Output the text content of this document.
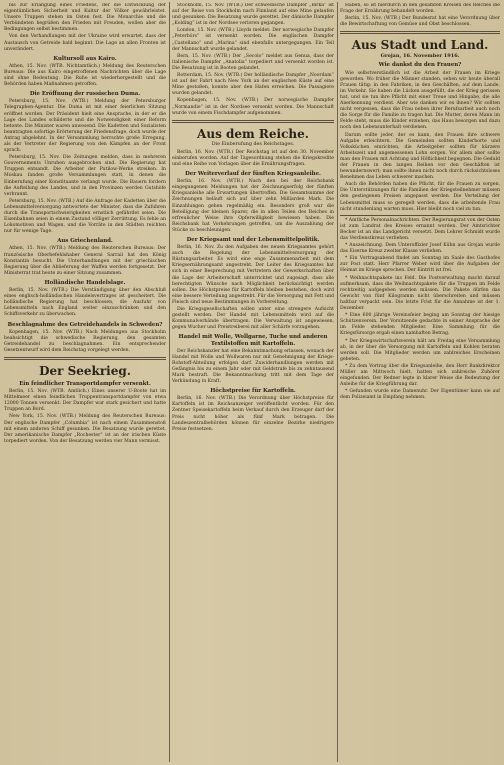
bis zur Erlangung eines Friedens, der die Entwicklung der eigentümlichen Sicherheit und Kultur der Völker gewährleistet. Unsere Truppen stehen im Osten fest. Die Monarchie und die Verbündeten begrüßen den Frieden mit Freuden, wollen aber die Bedingungen selbst bestimmen.

Von den Verhandlungen mit der Ukraine wird erwartet, dass der Austausch von Getreide bald beginnt. Die Lage an allen Fronten ist unverändert.

Kultursoll aus Kairo.

Athen, 15. Nov. (WTB. Nichtamtlich.) Meldung des Reuterschen Bureaus: Die aus Kairo eingetroffenen Nachrichten über die Lage sind ohne Bedeutung. Die Ruhe ist wiederhergestellt und die Behörden haben Maßnahmen getroffen.

Die Eröffnung der russischen Duma.

Petersburg, 15. Nov. (WTB.) Meldung der Petersburger Telegraphen-Agentur. Die Duma ist mit einer feierlichen Sitzung eröffnet worden. Der Präsident hielt eine Ansprache, in der er die Lage des Landes schilderte und die Notwendigkeit einer Reform betonte. Die Minister waren anwesend. Die Kadetten und Sozialisten beantragten sofortige Erörterung der Friedensfrage, doch wurde der Antrag abgelehnt. In der Versammlung herrschte große Erregung, als der Vertreter der Regierung von den Kämpfen an der Front sprach.

Petersburg, 15. Nov. Die Zeitungen melden, dass in mehreren Gouvernements Unruhen ausgebrochen sind. Die Regierung hat Truppen entsandt. Die Arbeiter der Putilow-Werke streiken. In Moskau fanden große Versammlungen statt, in denen die Einberufung einer Konstituante verlangt wurde. Die Bauern fordern die Aufteilung des Landes, und in den Provinzen werden Gutshöfe verbrannt.

Petersburg, 15. Nov. (WTB.) Auf die Anfrage der Kadetten über die Lebensmittelversorgung antwortete der Minister, dass die Zufuhren durch die Transportschwierigkeiten ernstlich gefährdet seien. Die Eisenbahnen seien in einem Zustand völliger Zerrüttung. Es fehle an Lokomotiven und Wagen, und die Vorräte in den Städten reichten nur für wenige Tage.

Aus Griechenland.

Athen, 15. Nov. (WTB.) Meldung des Reuterschen Bureaus: Der französische Oberbefehlshaber General Sarrail hat den König Konstantin besucht. Die Unterhandlungen mit der griechischen Regierung über die Ablieferung der Waffen werden fortgesetzt. Der Ministerrat trat heute zu einer Sitzung zusammen.

Holländische Handelslage.

Berlin, 15. Nov. (WTB.) Die Verständigung über den Abschluß eines englisch-holländischen Handelsvertrages ist gescheitert. Die holländische Regierung hat beschlossen, die Ausfuhr von Lebensmitteln nach England weiter einzuschränken und den Schiffsverkehr zu überwachen.

Beschlagnahme des Getreidehandels in Schweden?

Kopenhagen, 15. Nov. (WTB.) Nach Meldungen aus Stockholm beabsichtigt die schwedische Regierung, den gesamten Getreidehandel zu beschlagnahmen. Ein entsprechender Gesetzentwurf wird dem Reichstag vorgelegt werden.

Der Seekrieg.
Ein feindlicher Transportdampfer versenkt.

Berlin, 15. Nov. (WTB. Amtlich.) Eines unserer U-Boote hat im Mittelmeer einen feindlichen Truppentransportdampfer von etwa 12000 Tonnen versenkt. Der Dampfer war stark gesichert und hatte Truppen an Bord.

New York, 15. Nov. (WTB.) Meldung des Reuterschen Bureaus: Der englische Dampfer „Columbia“ ist nach einem Zusammenstoß mit einem anderen Schiff gesunken. Die Besatzung wurde gerettet. Der amerikanische Dampfer „Rochester“ ist an der irischen Küste torpediert worden. Von der Besatzung werden vier Mann vermisst.

Stockholm, 15. Nov. (WTB.) Der schwedische Dampfer „Birka“ ist auf der Reise von Stockholm nach Finnland auf eine Mine gelaufen und gesunken. Die Besatzung wurde gerettet. Der dänische Dampfer „Kolding“ ist in der Nordsee verloren gegangen.

London, 15. Nov. (WTB.) Lloyds meldet: Der norwegische Dampfer „Peterbörs“ ist versenkt worden. Die englischen Dampfer „Castellano“ und „Marina“ sind ebenfalls untergegangen. Ein Teil der Mannschaft wurde gelandet.

Bern, 15. Nov. (WTB.) Der „Secolo“ meldet aus Genua, dass der italienische Dampfer „Anatolia“ torpediert und versenkt worden ist. Die Besatzung ist in Booten gelandet.

Rotterdam, 15. Nov. (WTB.) Der holländische Dampfer „Noordam“ ist auf der Fahrt nach New York an der englischen Küste auf eine Mine gestoßen, konnte aber den Hafen erreichen. Die Passagiere wurden gelandet.

Kopenhagen, 15. Nov. (WTB.) Der norwegische Dampfer „Normandie“ ist in der Nordsee versenkt worden. Die Mannschaft wurde von einem Fischdampfer aufgenommen.

Aus dem Reiche.
Die Einberufung des Reichstages.

Berlin, 16. Nov. (WTB.) Der Reichstag ist auf den 30. November einberufen worden. Auf der Tagesordnung stehen die Kriegskredite und eine Reihe von Vorlagen über die Ernährungsfragen.

Der Weiterverlauf der fünften Kriegsanleihe.

Berlin, 16. Nov. (WTB.) Nach den bei der Reichsbank eingegangenen Meldungen hat der Zeichnungserfolg der fünften Kriegsanleihe alle Erwartungen übertroffen. Die Gesamtsumme der Zeichnungen beläuft sich auf über zehn Milliarden Mark. Die Einzahlungen gehen regelmäßig ein. Besonders groß war die Beteiligung der kleinen Sparer, die in allen Teilen des Reiches in erfreulicher Weise ihre Opferwilligkeit bewiesen haben. Die Reichsbank hat Vorkehrungen getroffen, um die Auszahlung der Stücke zu beschleunigen.

Der Kriegsamt und der Lebensmittelpolitik.

Berlin, 16. Nov. Zu den Aufgaben des neuen Kriegsamtes gehört auch die Regelung der Lebensmittelversorgung der Rüstungsarbeiter. Es wird eine enge Zusammenarbeit mit dem Kriegsernährungsamt angestrebt. Der Leiter des Kriegsamtes hat sich in einer Besprechung mit Vertretern der Gewerkschaften über die Lage der Arbeiterschaft unterrichtet und zugesagt, dass alle berechtigten Wünsche nach Möglichkeit berücksichtigt werden sollen. Die Höchstpreise für Kartoffeln bleiben bestehen, doch wird eine bessere Verteilung angestrebt. Für die Versorgung mit Fett und Fleisch sind neue Bestimmungen in Vorbereitung.

Die Kriegsgesellschaften sollen unter eine strengere Aufsicht gestellt werden. Der Handel mit Lebensmitteln wird auf die Kommunalverbände übertragen. Die Verwaltung ist angewiesen, gegen Wucher und Preistreiberei mit aller Schärfe vorzugehen.

Handel mit Wolle, Wollgarne, Tuche und anderen Textilstoffen mit Kartoffeln.

Der Reichskanzler hat eine Bekanntmachung erlassen, wonach der Handel mit Wolle und Wollwaren nur mit Genehmigung der Kriegs-Rohstoff-Abteilung erfolgen darf. Zuwiderhandlungen werden mit Gefängnis bis zu einem Jahr oder mit Geldstrafe bis zu zehntausend Mark bestraft. Die Bekanntmachung tritt mit dem Tage der Verkündung in Kraft.

Höchstpreise für Kartoffeln.

Berlin, 16. Nov. (WTB.) Die Verordnung über Höchstpreise für Kartoffeln ist im Reichsanzeiger veröffentlicht worden. Für den Zentner Speisekartoffeln beim Verkauf durch den Erzeuger darf der Preis nicht höher als fünf Mark betragen. Die Landeszentralbehörden können für einzelne Bezirke niedrigere Preise festsetzen.

Haben, so ist hierdurch in den gesamten Kreisen des Reiches die Frage der Ernährung behandelt worden.

Berlin, 15. Nov. (WTB.) Der Bundesrat hat eine Verordnung über die Bewirtschaftung von Gemüse und Obst beschlossen.

Aus Stadt und Land.
Grojan, 16. November 1916.
Wie dankst du den Frauen?

Wie selbstverständlich ist die Arbeit der Frauen im Kriege geworden. Wo früher die Männer standen, sehen wir heute überall Frauen tätig: in den Fabriken, in den Geschäften, auf dem Lande, im Verkehr. Sie haben die Lücken ausgefüllt, die der Krieg gerissen hat, und sie tun ihre Pflicht mit einer Treue und Hingabe, die alle Anerkennung verdient. Aber wie danken wir es ihnen? Wir sollten nicht vergessen, dass die Frau neben ihrer Berufsarbeit auch noch die Sorge für die Familie zu tragen hat. Die Mutter, deren Mann im Felde steht, muss die Kinder erziehen, das Haus besorgen und dazu noch den Lebensunterhalt verdienen.

Darum sollte jeder, der es kann, den Frauen ihre schwere Aufgabe erleichtern. Die Gemeinden sollten Kinderhorte und Volksküchen einrichten, die Arbeitgeber sollten für kürzere Arbeitszeit und angemessenen Lohn sorgen. Vor allem aber sollte man den Frauen mit Achtung und Höflichkeit begegnen. Die Geduld der Frauen in den langen Reihen vor den Geschäften ist bewundernswert; man sollte ihnen nicht noch durch rücksichtsloses Benehmen das Leben schwerer machen.

Auch die Behörden haben die Pflicht, für die Frauen zu sorgen. Die Unterstützungen für die Familien der Kriegsteilnehmer müssen den gestiegenen Preisen angepasst werden. Die Verteilung der Lebensmittel muss so geregelt werden, dass die arbeitende Frau nicht stundenlang warten muss. Hier bleibt noch viel zu tun.

* Amtliche Personalnachrichten. Der Regierungsrat von der Osten ist zum Landrat des Kreises ernannt worden. Der Amtsrichter Becker ist an das Landgericht versetzt. Dem Lehrer Schmidt wurde das Verdienstkreuz verliehen.

* Auszeichnung. Dem Unteroffizier Josef Kühn aus Grojan wurde das Eiserne Kreuz zweiter Klasse verliehen.

* Ein Vortragsabend findet am Sonntag im Saale des Gasthofes zur Post statt. Herr Pfarrer Weber wird über die Aufgaben der Heimat im Kriege sprechen. Der Eintritt ist frei.

* Weihnachtspakete ins Feld. Die Postverwaltung macht darauf aufmerksam, dass die Weihnachtspakete für die Truppen im Felde rechtzeitig aufgegeben werden müssen. Die Pakete dürfen das Gewicht von fünf Kilogramm nicht überschreiten und müssen haltbar verpackt sein. Die letzte Frist für die Annahme ist der 1. Dezember.

* Eine 600 jährige Vereinsfeier beging am Sonntag der hiesige Schützenverein. Der Vorsitzende gedachte in seiner Ansprache der im Felde stehenden Mitglieder. Eine Sammlung für die Kriegsfürsorge ergab einen namhaften Betrag.

* Der Kriegswirtschaftsverein hält am Freitag eine Versammlung ab, in der über die Versorgung mit Kartoffeln und Kohlen beraten werden soll. Die Mitglieder werden um zahlreiches Erscheinen gebeten.

* Zu dem Vortrag über die Kriegsanleihe, den Herr Bankdirektor Müller am Mittwoch hielt, hatten sich zahlreiche Zuhörer eingefunden. Der Redner legte in klarer Weise die Bedeutung der Anleihe für die Kriegführung dar.

* Gefunden wurde eine Damenuhr. Der Eigentümer kann sie auf dem Polizeiamt in Empfang nehmen.
